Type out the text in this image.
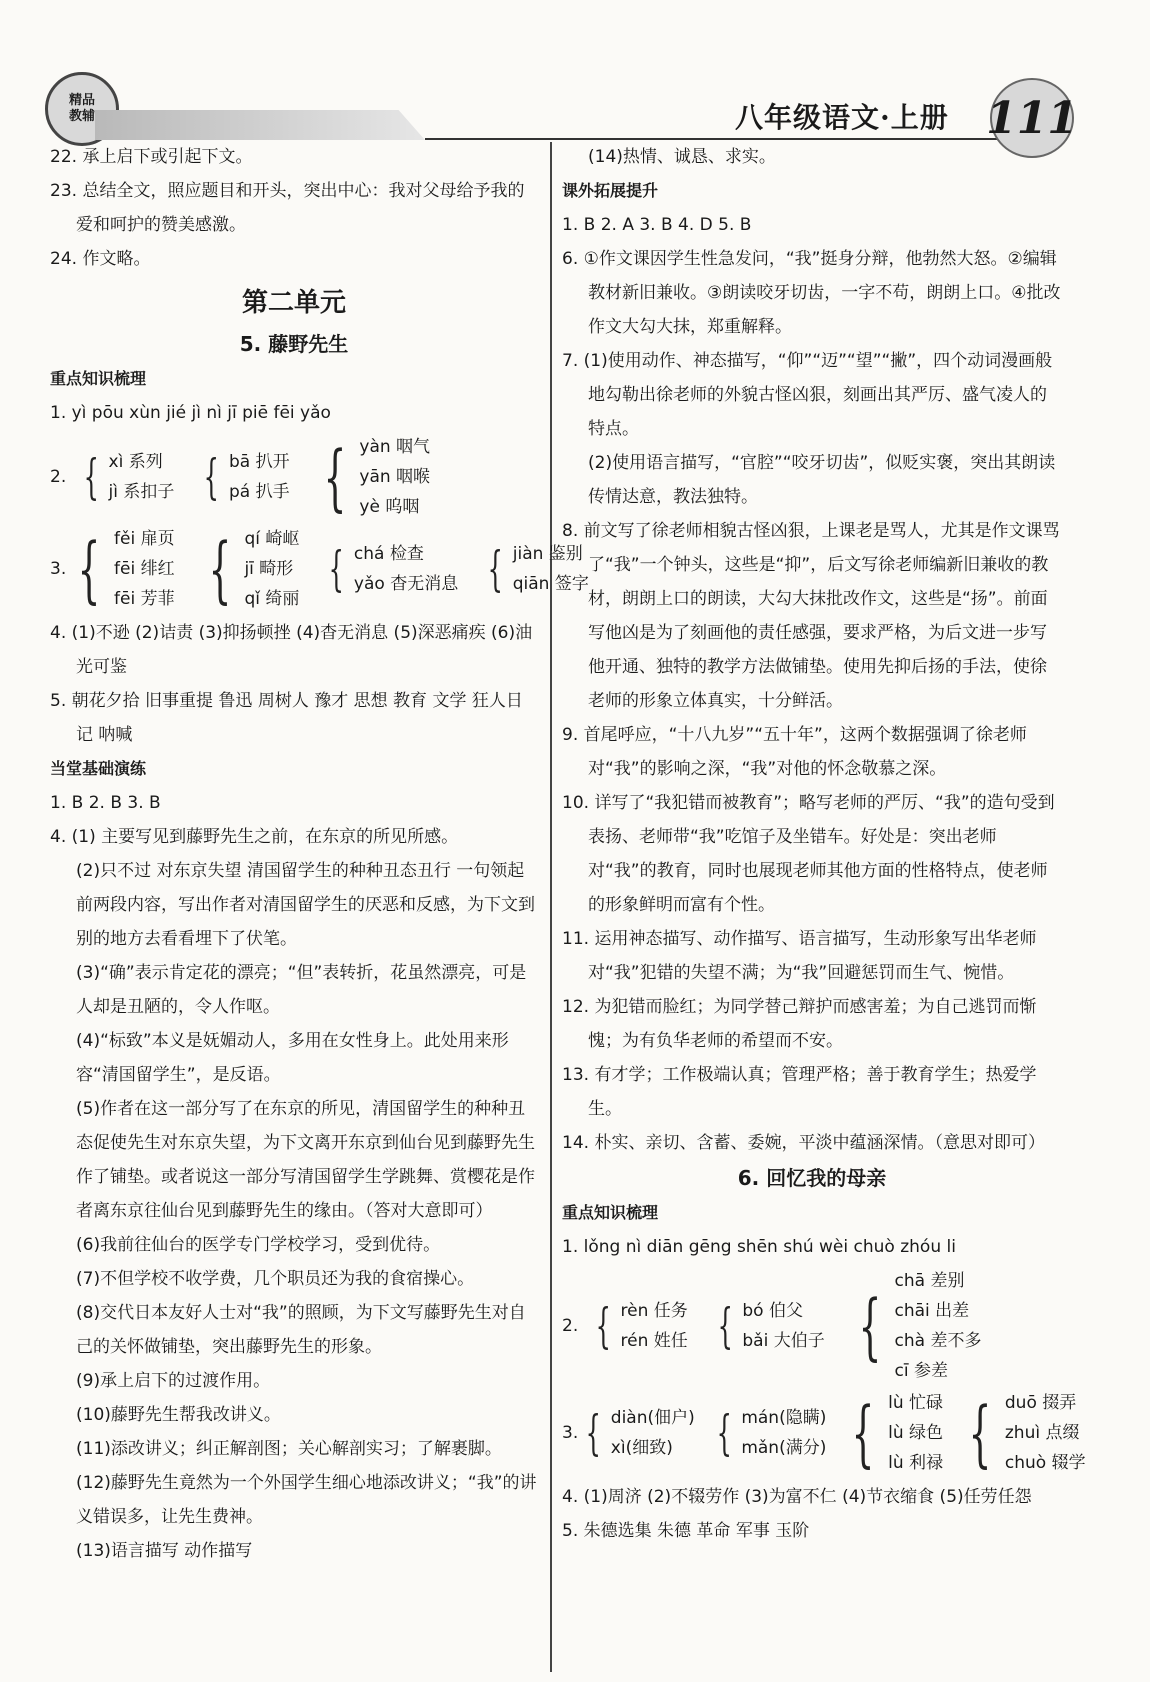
精品
教辅	八年级语文·上册 111

22. 承上启下或引起下文。

23. 总结全文，照应题目和开头，突出中心：我对父母给予我的爱和呵护的赞美感激。

24. 作文略。

第二单元

5. 藤野先生

重点知识梳理

1. yì pōu xùn jié jì nì jī piē fēi yǎo

2. { xì 系列
jì 系扣子 { bā 扒开
pá 扒手 { yàn 咽气
yān 咽喉
yè 呜咽
3. { fěi 扉页
fēi 绯红
fēi 芳菲 { qí 崎岖
jī 畸形
qǐ 绮丽
{ chá 检查
yǎo 杳无消息 { jiàn 鉴别
qiān 签字

4. (1)不逊 (2)诘责 (3)抑扬顿挫 (4)杳无消息 (5)深恶痛疾 (6)油光可鉴

5. 朝花夕拾 旧事重提 鲁迅 周树人 豫才 思想 教育 文学 狂人日记 呐喊

当堂基础演练

1. B 2. B 3. B

4. (1) 主要写见到藤野先生之前，在东京的所见所感。

(2)只不过 对东京失望 清国留学生的种种丑态丑行 一句领起前两段内容，写出作者对清国留学生的厌恶和反感，为下文到别的地方去看看埋下了伏笔。

(3)“确”表示肯定花的漂亮；“但”表转折，花虽然漂亮，可是人却是丑陋的，令人作呕。

(4)“标致”本义是妩媚动人，多用在女性身上。此处用来形容“清国留学生”，是反语。

(5)作者在这一部分写了在东京的所见，清国留学生的种种丑态促使先生对东京失望，为下文离开东京到仙台见到藤野先生作了铺垫。或者说这一部分写清国留学生学跳舞、赏樱花是作者离东京往仙台见到藤野先生的缘由。（答对大意即可）

(6)我前往仙台的医学专门学校学习，受到优待。

(7)不但学校不收学费，几个职员还为我的食宿操心。

(8)交代日本友好人士对“我”的照顾，为下文写藤野先生对自己的关怀做铺垫，突出藤野先生的形象。

(9)承上启下的过渡作用。

(10)藤野先生帮我改讲义。

(11)添改讲义；纠正解剖图；关心解剖实习；了解裹脚。

(12)藤野先生竟然为一个外国学生细心地添改讲义；“我”的讲义错误多，让先生费神。

(13)语言描写 动作描写

(14)热情、诚恳、求实。

课外拓展提升

1. B 2. A 3. B 4. D 5. B

6. ①作文课因学生性急发问，“我”挺身分辩，他勃然大怒。②编辑教材新旧兼收。③朗读咬牙切齿，一字不苟，朗朗上口。④批改作文大勾大抹，郑重解释。

7. (1)使用动作、神态描写，“仰”“迈”“望”“撇”，四个动词漫画般地勾勒出徐老师的外貌古怪凶狠，刻画出其严厉、盛气凌人的特点。

(2)使用语言描写，“官腔”“咬牙切齿”，似贬实褒，突出其朗读传情达意，教法独特。

8. 前文写了徐老师相貌古怪凶狠，上课老是骂人，尤其是作文课骂了“我”一个钟头，这些是“抑”，后文写徐老师编新旧兼收的教材，朗朗上口的朗读，大勾大抹批改作文，这些是“扬”。前面写他凶是为了刻画他的责任感强，要求严格，为后文进一步写他开通、独特的教学方法做铺垫。使用先抑后扬的手法，使徐老师的形象立体真实，十分鲜活。

9. 首尾呼应，“十八九岁”“五十年”，这两个数据强调了徐老师对“我”的影响之深，“我”对他的怀念敬慕之深。

10. 详写了“我犯错而被教育”；略写老师的严厉、“我”的造句受到表扬、老师带“我”吃馆子及坐错车。好处是：突出老师对“我”的教育，同时也展现老师其他方面的性格特点，使老师的形象鲜明而富有个性。

11. 运用神态描写、动作描写、语言描写，生动形象写出华老师对“我”犯错的失望不满；为“我”回避惩罚而生气、惋惜。

12. 为犯错而脸红；为同学替己辩护而感害羞；为自己逃罚而惭愧；为有负华老师的希望而不安。

13. 有才学；工作极端认真；管理严格；善于教育学生；热爱学生。

14. 朴实、亲切、含蓄、委婉，平淡中蕴涵深情。（意思对即可）

6. 回忆我的母亲

重点知识梳理

1. lǒng nì diān gēng shēn shú wèi chuò zhóu li

2. { rèn 任务
rén 姓任 { bó 伯父
bǎi 大伯子 {
chā 差别
chāi 出差
chà 差不多
cī 参差
3. { diàn(佃户)
xì(细致) { mán(隐瞒)
mǎn(满分) { lù 忙碌
lù 绿色
lù 利禄 { duō 掇弄
zhuì 点缀
chuò 辍学

4. (1)周济 (2)不辍劳作 (3)为富不仁 (4)节衣缩食 (5)任劳任怨

5. 朱德选集 朱德 革命 军事 玉阶
